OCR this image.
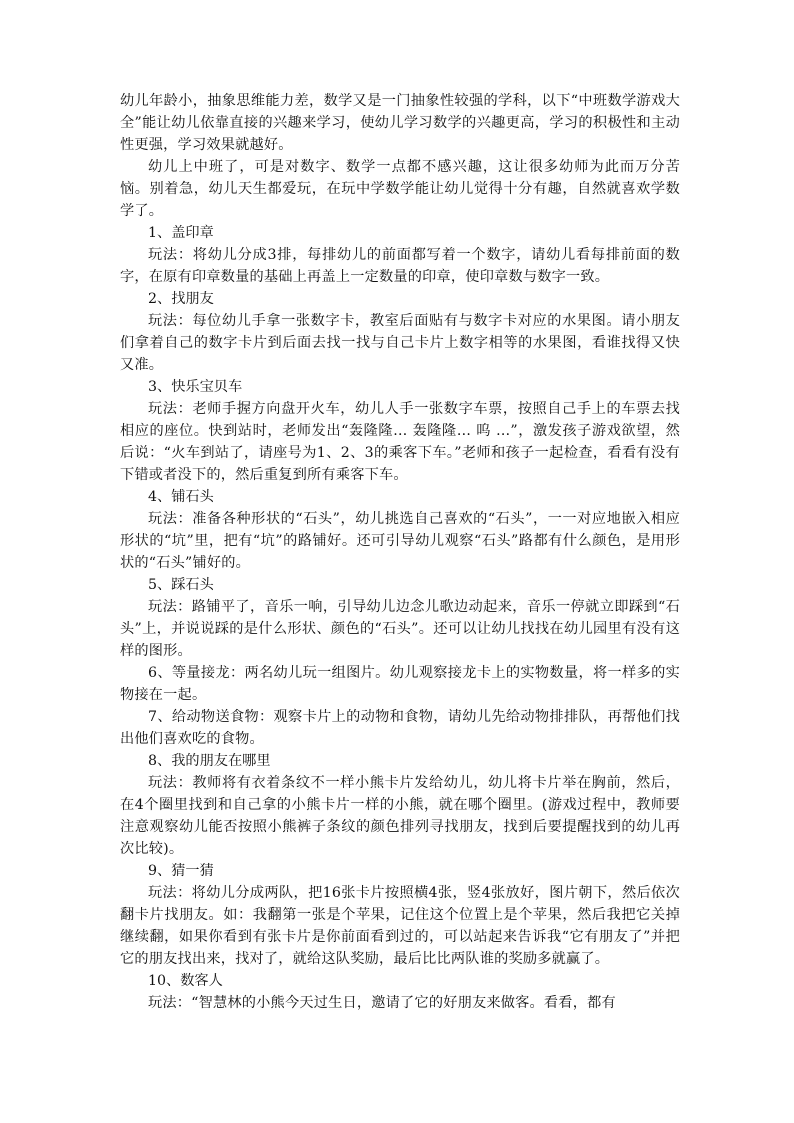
幼儿年龄小，抽象思维能力差，数学又是一门抽象性较强的学科，以下“中班数学游戏大全”能让幼儿依靠直接的兴趣来学习，使幼儿学习数学的兴趣更高，学习的积极性和主动性更强，学习效果就越好。

幼儿上中班了，可是对数字、数学一点都不感兴趣，这让很多幼师为此而万分苦恼。别着急，幼儿天生都爱玩，在玩中学数学能让幼儿觉得十分有趣，自然就喜欢学数学了。

1、盖印章

玩法：将幼儿分成3排，每排幼儿的前面都写着一个数字，请幼儿看每排前面的数字，在原有印章数量的基础上再盖上一定数量的印章，使印章数与数字一致。

2、找朋友

玩法：每位幼儿手拿一张数字卡，教室后面贴有与数字卡对应的水果图。请小朋友们拿着自己的数字卡片到后面去找一找与自己卡片上数字相等的水果图，看谁找得又快又准。

3、快乐宝贝车

玩法：老师手握方向盘开火车，幼儿人手一张数字车票，按照自己手上的车票去找相应的座位。快到站时，老师发出“轰隆隆… 轰隆隆… 呜 …”，激发孩子游戏欲望，然后说：“火车到站了，请座号为1、2、3的乘客下车。”老师和孩子一起检查，看看有没有下错或者没下的，然后重复到所有乘客下车。

4、铺石头

玩法：准备各种形状的“石头”，幼儿挑选自己喜欢的“石头”，一一对应地嵌入相应形状的“坑”里，把有“坑”的路铺好。还可引导幼儿观察“石头”路都有什么颜色，是用形状的“石头”铺好的。

5、踩石头

玩法：路铺平了，音乐一响，引导幼儿边念儿歌边动起来，音乐一停就立即踩到“石头”上，并说说踩的是什么形状、颜色的“石头”。还可以让幼儿找找在幼儿园里有没有这样的图形。

6、等量接龙：两名幼儿玩一组图片。幼儿观察接龙卡上的实物数量，将一样多的实物接在一起。

7、给动物送食物：观察卡片上的动物和食物，请幼儿先给动物排排队，再帮他们找出他们喜欢吃的食物。

8、我的朋友在哪里

玩法：教师将有衣着条纹不一样小熊卡片发给幼儿，幼儿将卡片举在胸前，然后，在4个圈里找到和自己拿的小熊卡片一样的小熊，就在哪个圈里。(游戏过程中，教师要注意观察幼儿能否按照小熊裤子条纹的颜色排列寻找朋友，找到后要提醒找到的幼儿再次比较)。

9、猜一猜

玩法：将幼儿分成两队，把16张卡片按照横4张，竖4张放好，图片朝下，然后依次翻卡片找朋友。如：我翻第一张是个苹果，记住这个位置上是个苹果，然后我把它关掉继续翻，如果你看到有张卡片是你前面看到过的，可以站起来告诉我“它有朋友了”并把它的朋友找出来，找对了，就给这队奖励，最后比比两队谁的奖励多就赢了。

10、数客人

玩法：“智慧林的小熊今天过生日，邀请了它的好朋友来做客。看看，都有
